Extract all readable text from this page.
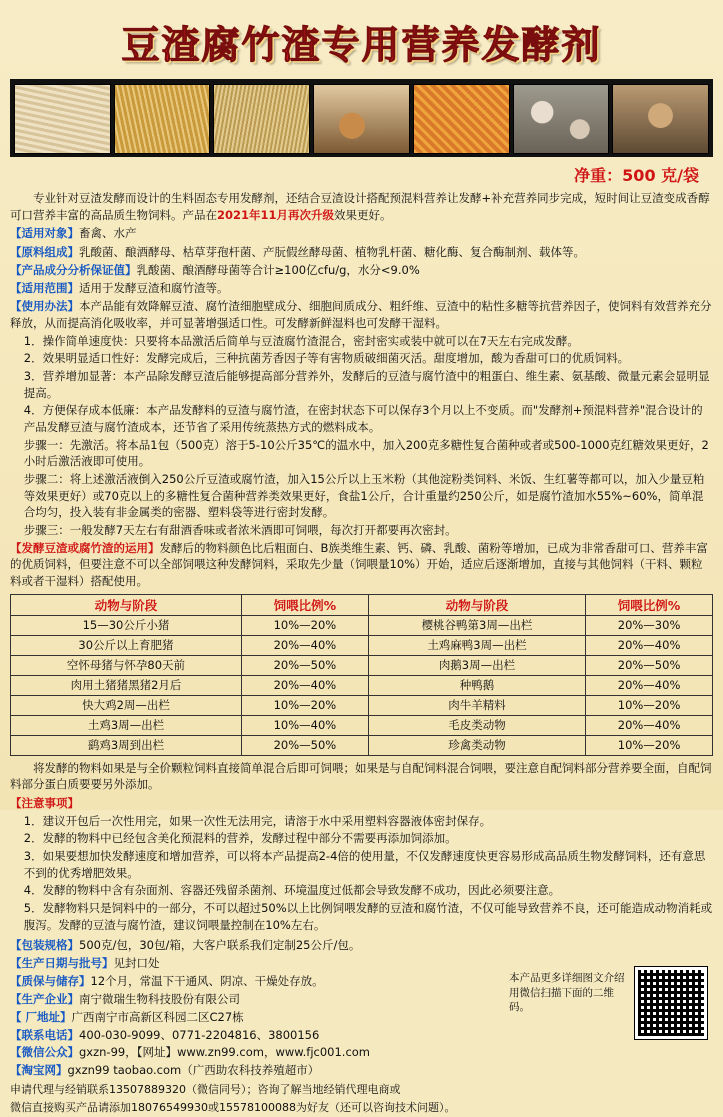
豆渣腐竹渣专用营养发酵剂
净重：500 克/袋
专业针对豆渣发酵而设计的生料固态专用发酵剂，还结合豆渣设计搭配预混料营养让发酵+补充营养同步完成，短时间让豆渣变成香醇可口营养丰富的高品质生物饲料。产品在2021年11月再次升级效果更好。
【适用对象】畜禽、水产
【原料组成】乳酸菌、酿酒酵母、枯草芽孢杆菌、产朊假丝酵母菌、植物乳杆菌、糖化酶、复合酶制剂、载体等。
【产品成分分析保证值】乳酸菌、酿酒酵母菌等合计≥100亿cfu/g，水分<9.0%
【适用范围】适用于发酵豆渣和腐竹渣等。
【使用办法】本产品能有效降解豆渣、腐竹渣细胞壁成分、细胞间质成分、粗纤维、豆渣中的粘性多糖等抗营养因子，使饲料有效营养充分释放，从而提高消化吸收率，并可显著增强适口性。可发酵新鲜湿料也可发酵干湿料。
1．操作简单速度快：只要将本品激活后简单与豆渣腐竹渣混合，密封密实或装中就可以在7天左右完成发酵。
2．效果明显适口性好：发酵完成后，三种抗菌芳香因子等有害物质破细菌灭活。甜度增加，酸为香甜可口的优质饲料。
3．营养增加显著：本产品除发酵豆渣后能够提高部分营养外，发酵后的豆渣与腐竹渣中的粗蛋白、维生素、氨基酸、微量元素会显明显提高。
4．方便保存成本低廉：本产品发酵料的豆渣与腐竹渣，在密封状态下可以保存3个月以上不变质。而"发酵剂+预混料营养"混合设计的产品发酵豆渣与腐竹渣成本，还节省了采用传统蒸热方式的燃料成本。
步骤一：先激活。将本品1包（500克）溶于5-10公斤35℃的温水中，加入200克多糖性复合菌种或者或500-1000克红糖效果更好，2小时后激活液即可使用。
步骤二：将上述激活液倒入250公斤豆渣或腐竹渣，加入15公斤以上玉米粉（其他淀粉类饲料、米饭、生红薯等都可以，加入少量豆粕等效果更好）或70克以上的多糖性复合菌种营养类效果更好，食盐1公斤，合计重量约250公斤，如是腐竹渣加水55%~60%，简单混合均匀，投入装有非金属类的密器、塑料袋等进行密封发酵。
步骤三：一般发酵7天左右有甜酒香味或者浓米酒即可饲喂，每次打开都要再次密封。
【发酵豆渣或腐竹渣的运用】发酵后的物料颜色比后粗面白、B族类维生素、钙、磷、乳酸、菌粉等增加，已成为非常香甜可口、营养丰富的优质饲料，但要注意不可以全部饲喂这种发酵饲料，采取先少量（饲喂量10%）开始，适应后逐渐增加，直接与其他饲料（干料、颗粒料或者干湿料）搭配使用。
动物与阶段	饲喂比例%	动物与阶段	饲喂比例%
15—30公斤小猪	10%—20%	樱桃谷鸭第3周—出栏	20%—30%
30公斤以上育肥猪	20%—40%	土鸡麻鸭3周—出栏	20%—40%
空怀母猪与怀孕80天前	20%—50%	肉鹅3周—出栏	20%—50%
肉用土猪猪黑猪2月后	20%—40%	种鸭鹅	20%—40%
快大鸡2周—出栏	10%—20%	肉牛羊精料	10%—20%
土鸡3周—出栏	10%—40%	毛皮类动物	20%—40%
鹞鸡3周到出栏	20%—50%	珍禽类动物	10%—20%
将发酵的物料如果是与全价颗粒饲料直接简单混合后即可饲喂；如果是与自配饲料混合饲喂，要注意自配饲料部分营养要全面，自配饲料部分蛋白质要要另外添加。
【注意事项】
1．建议开包后一次性用完，如果一次性无法用完，请溶于水中采用塑料容器液体密封保存。
2．发酵的物料中已经包含美化预混料的营养，发酵过程中部分不需要再添加饲添加。
3．如果要想加快发酵速度和增加营养，可以将本产品提高2-4倍的使用量，不仅发酵速度快更容易形成高品质生物发酵饲料，还有意思不到的优秀增肥效果。
4．发酵的物料中含有杂面剂、容器还残留杀菌剂、环境温度过低都会导致发酵不成功，因此必须要注意。
5．发酵物料只是饲料中的一部分，不可以超过50%以上比例饲喂发酵的豆渣和腐竹渣，不仅可能导致营养不良，还可能造成动物消耗或腹泻。发酵的豆渣与腐竹渣，建议饲喂量控制在10%左右。
【包装规格】500克/包，30包/箱，大客户联系我们定制25公斤/包。
【生产日期与批号】见封口处
【质保与储存】12个月，常温下干通风、阴凉、干燥处存放。
【生产企业】南宁微瑞生物科技股份有限公司
【 厂地址】广西南宁市高新区科园二区C27栋
【联系电话】400-030-9099、0771-2204816、3800156
【微信公众】gxzn-99，【网址】www.zn99.com，www.fjc001.com
【淘宝网】gxzn99 taobao.com（广西助农科技养殖超市）
本产品更多详细图文介绍 用微信扫描下面的二维码。
申请代理与经销联系13507889320（微信同号）；咨询了解当地经销代理电商或
微信直接购买产品请添加18076549930或15578100088为好友（还可以咨询技术问题）。
